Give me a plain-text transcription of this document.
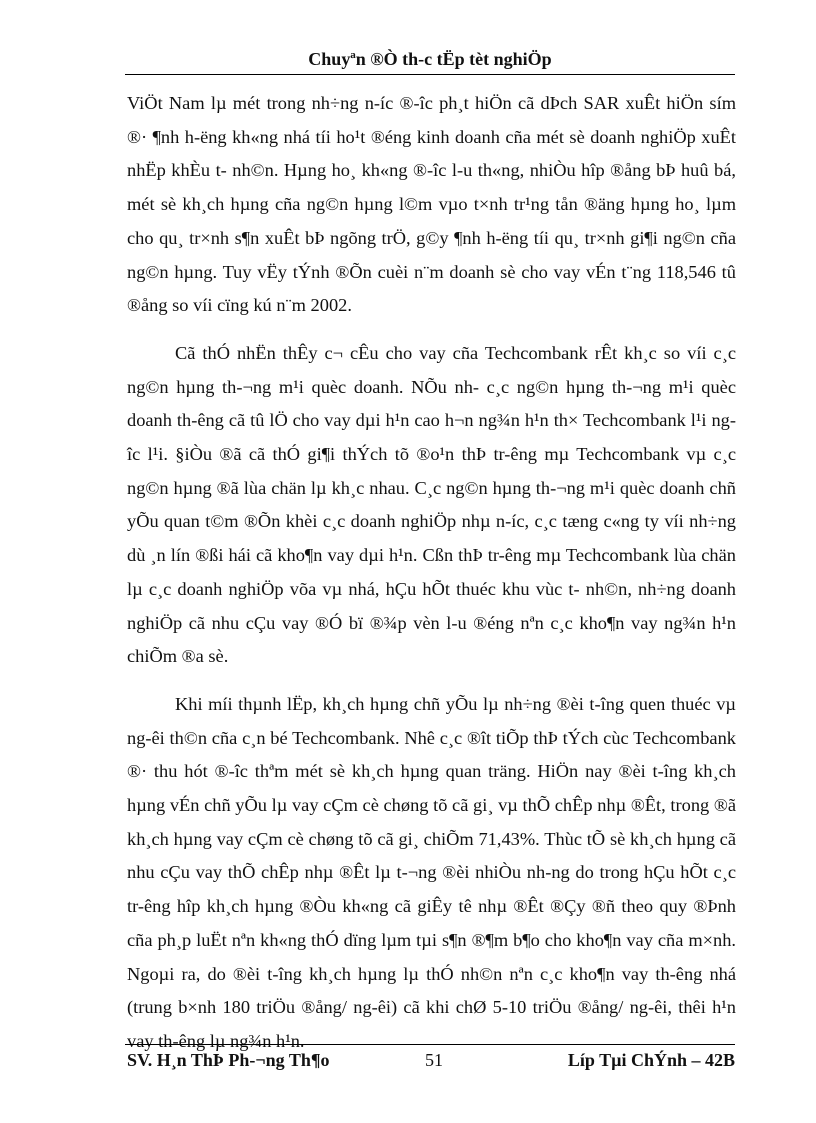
Chuyªn ®Ò th-c tËp tèt nghiÖp

ViÖt Nam lµ mét trong nh÷ng n-íc ®-îc ph¸t hiÖn cã dÞch SAR xuÊt hiÖn sím ®· ¶nh h-ëng kh«ng nhá tíi ho¹t ®éng kinh doanh cña mét sè doanh nghiÖp xuÊt nhËp khÈu t- nh©n. Hµng ho¸ kh«ng ®-îc l-u th«ng, nhiÒu hîp ®ång bÞ huû bá, mét sè kh¸ch hµng cña ng©n hµng l©m vµo t×nh tr¹ng tån ®äng hµng ho¸ lµm cho qu¸ tr×nh s¶n xuÊt bÞ ngõng trÖ, g©y ¶nh h-ëng tíi qu¸ tr×nh gi¶i ng©n cña ng©n hµng. Tuy vËy tÝnh ®Õn cuèi n¨m doanh sè cho vay vÉn t¨ng 118,546 tû ®ång so víi cïng kú n¨m 2002.

Cã thÓ nhËn thÊy c¬ cÊu cho vay cña Techcombank rÊt kh¸c so víi c¸c ng©n hµng th-¬ng m¹i quèc doanh. NÕu nh- c¸c ng©n hµng th-¬ng m¹i quèc doanh th-êng cã tû lÖ cho vay dµi h¹n cao h¬n ng¾n h¹n th× Techcombank l¹i ng-îc l¹i. §iÒu ®ã cã thÓ gi¶i thÝch tõ ®o¹n thÞ tr-êng mµ Techcombank vµ c¸c ng©n hµng ®ã lùa chän lµ kh¸c nhau. C¸c ng©n hµng th-¬ng m¹i quèc doanh chñ yÕu quan t©m ®Õn khèi c¸c doanh nghiÖp nhµ n-íc, c¸c tæng c«ng ty víi nh÷ng dù ¸n lín ®ßi hái cã kho¶n vay dµi h¹n. Cßn thÞ tr-êng mµ Techcombank lùa chän lµ c¸c doanh nghiÖp võa vµ nhá, hÇu hÕt thuéc khu vùc t- nh©n, nh÷ng doanh nghiÖp cã nhu cÇu vay ®Ó bï ®¾p vèn l-u ®éng nªn c¸c kho¶n vay ng¾n h¹n chiÕm ®a sè.

Khi míi thµnh lËp, kh¸ch hµng chñ yÕu lµ nh÷ng ®èi t-îng quen thuéc vµ ng-êi th©n cña c¸n bé Techcombank. Nhê c¸c ®ît tiÕp thÞ tÝch cùc Techcombank ®· thu hót ®-îc thªm mét sè kh¸ch hµng quan träng. HiÖn nay ®èi t-îng kh¸ch hµng vÉn chñ yÕu lµ vay cÇm cè chøng tõ cã gi¸ vµ thÕ chÊp nhµ ®Êt, trong ®ã kh¸ch hµng vay cÇm cè chøng tõ cã gi¸ chiÕm 71,43%. Thùc tÕ sè kh¸ch hµng cã nhu cÇu vay thÕ chÊp nhµ ®Êt lµ t-¬ng ®èi nhiÒu nh-ng do trong hÇu hÕt c¸c tr-êng hîp kh¸ch hµng ®Òu kh«ng cã giÊy tê nhµ ®Êt ®Çy ®ñ theo quy ®Þnh cña ph¸p luËt nªn kh«ng thÓ dïng lµm tµi s¶n ®¶m b¶o cho kho¶n vay cña m×nh. Ngoµi ra, do ®èi t-îng kh¸ch hµng lµ thÓ nh©n nªn c¸c kho¶n vay th-êng nhá (trung b×nh 180 triÖu ®ång/ ng-êi) cã khi chØ 5-10 triÖu ®ång/ ng-êi, thêi h¹n vay th-êng lµ ng¾n h¹n.

SV. H¸n ThÞ Ph-¬ng Th¶o	51	Líp Tµi ChÝnh – 42B
